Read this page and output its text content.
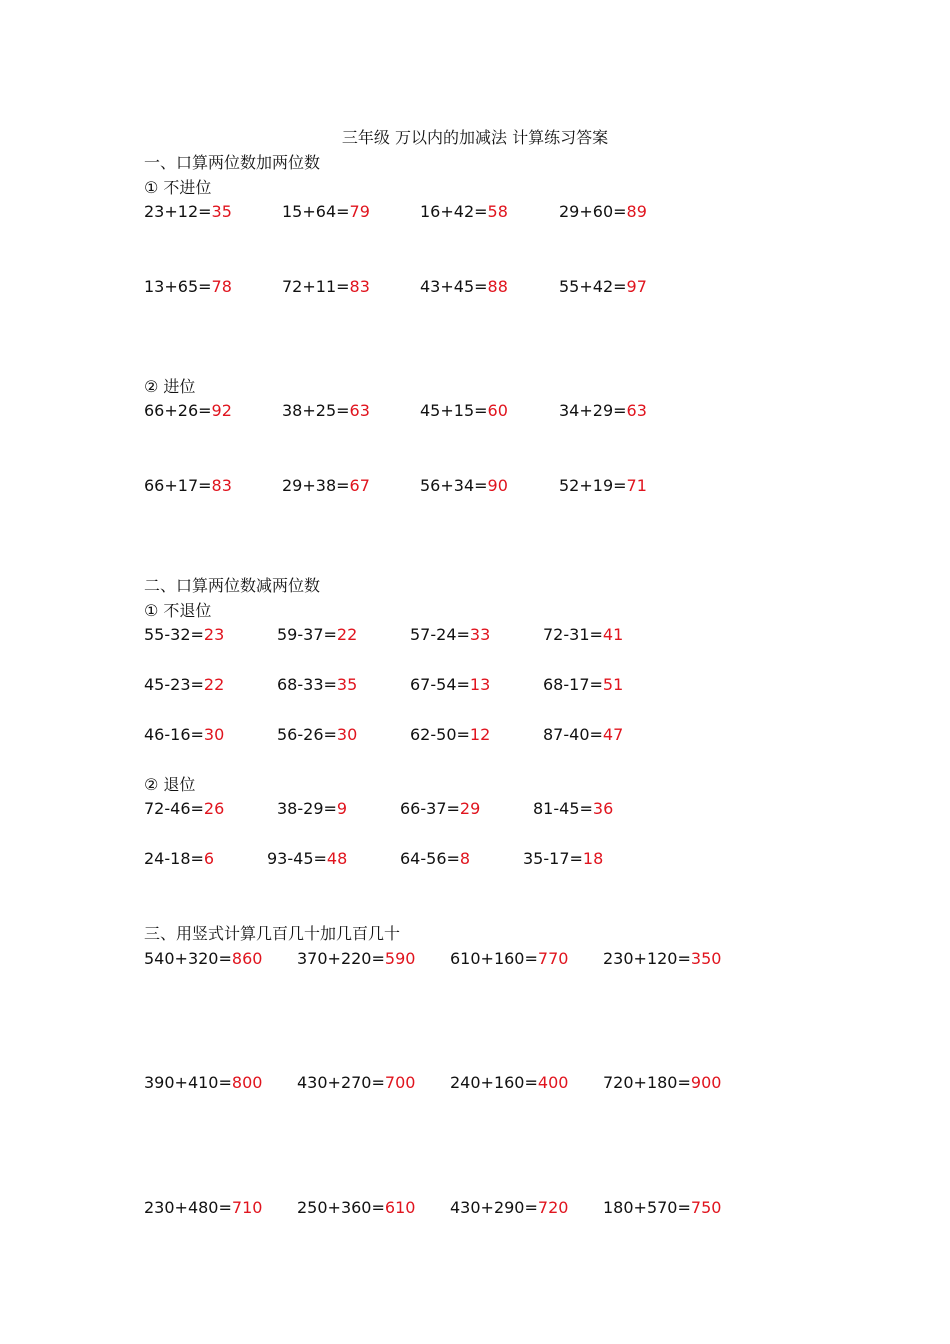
三年级 万以内的加减法 计算练习答案
一、口算两位数加两位数
① 不进位
23+12=35	15+64=79	16+42=58	29+60=89
13+65=78	72+11=83	43+45=88	55+42=97
② 进位
66+26=92	38+25=63	45+15=60	34+29=63
66+17=83	29+38=67	56+34=90	52+19=71
二、口算两位数减两位数
① 不退位
55-32=23	59-37=22	57-24=33	72-31=41
45-23=22	68-33=35	67-54=13	68-17=51
46-16=30	56-26=30	62-50=12	87-40=47
② 退位
72-46=26	38-29=9	66-37=29	81-45=36
24-18=6	93-45=48	64-56=8	35-17=18
三、用竖式计算几百几十加几百几十
540+320=860 370+220=590 610+160=770 230+120=350
390+410=800 430+270=700 240+160=400 720+180=900
230+480=710 250+360=610 430+290=720 180+570=750
